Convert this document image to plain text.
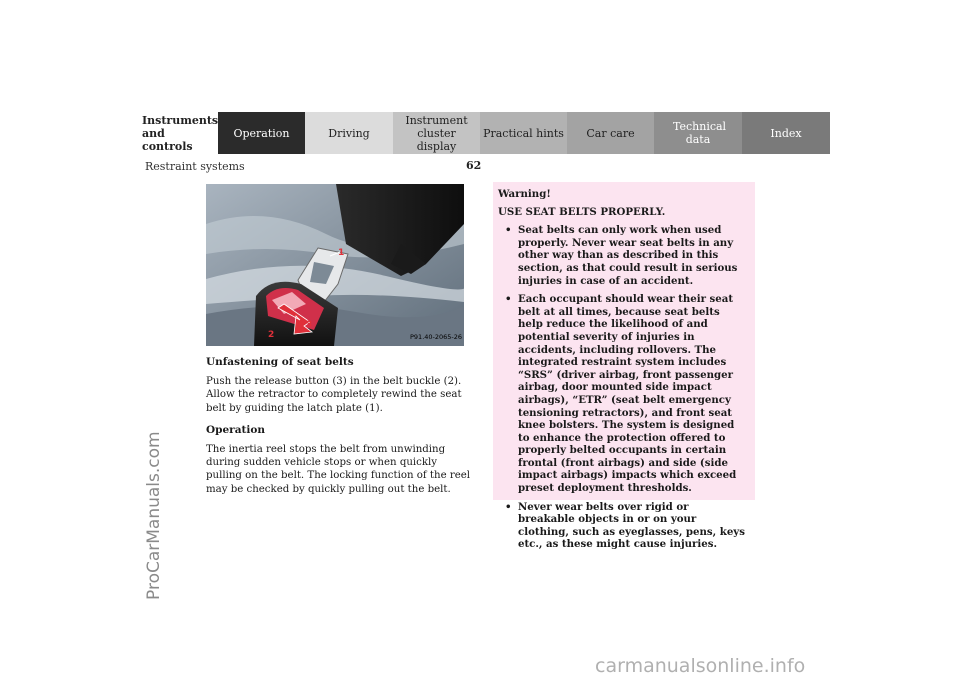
Instruments and controls
Operation	Driving
Instrument cluster display
Practical hints Car care	Technical data	Index
Restraint systems	62
1
2
3
P91.40-2065-26
Unfastening of seat belts

Push the release button (3) in the belt buckle (2). Allow the retractor to completely rewind the seat belt by guiding the latch plate (1).

Operation

The inertia reel stops the belt from unwinding during sudden vehicle stops or when quickly pulling on the belt. The locking function of the reel may be checked by quickly pulling out the belt.

Warning!
USE SEAT BELTS PROPERLY.
• Seat belts can only work when used properly. Never wear seat belts in any other way than as described in this section, as that could result in serious injuries in case of an accident.
• Each occupant should wear their seat belt at all times, because seat belts help reduce the likelihood of and potential severity of injuries in accidents, including rollovers. The integrated restraint system includes “SRS” (driver airbag, front passenger airbag, door mounted side impact airbags), “ETR” (seat belt emergency tensioning retractors), and front seat knee bolsters. The system is designed to enhance the protection offered to properly belted occupants in certain frontal (front airbags) and side (side impact airbags) impacts which exceed preset deployment thresholds.
• Never wear belts over rigid or breakable objects in or on your clothing, such as eyeglasses, pens, keys etc., as these might cause injuries.
ProCarManuals.com
carmanualsonline.info
